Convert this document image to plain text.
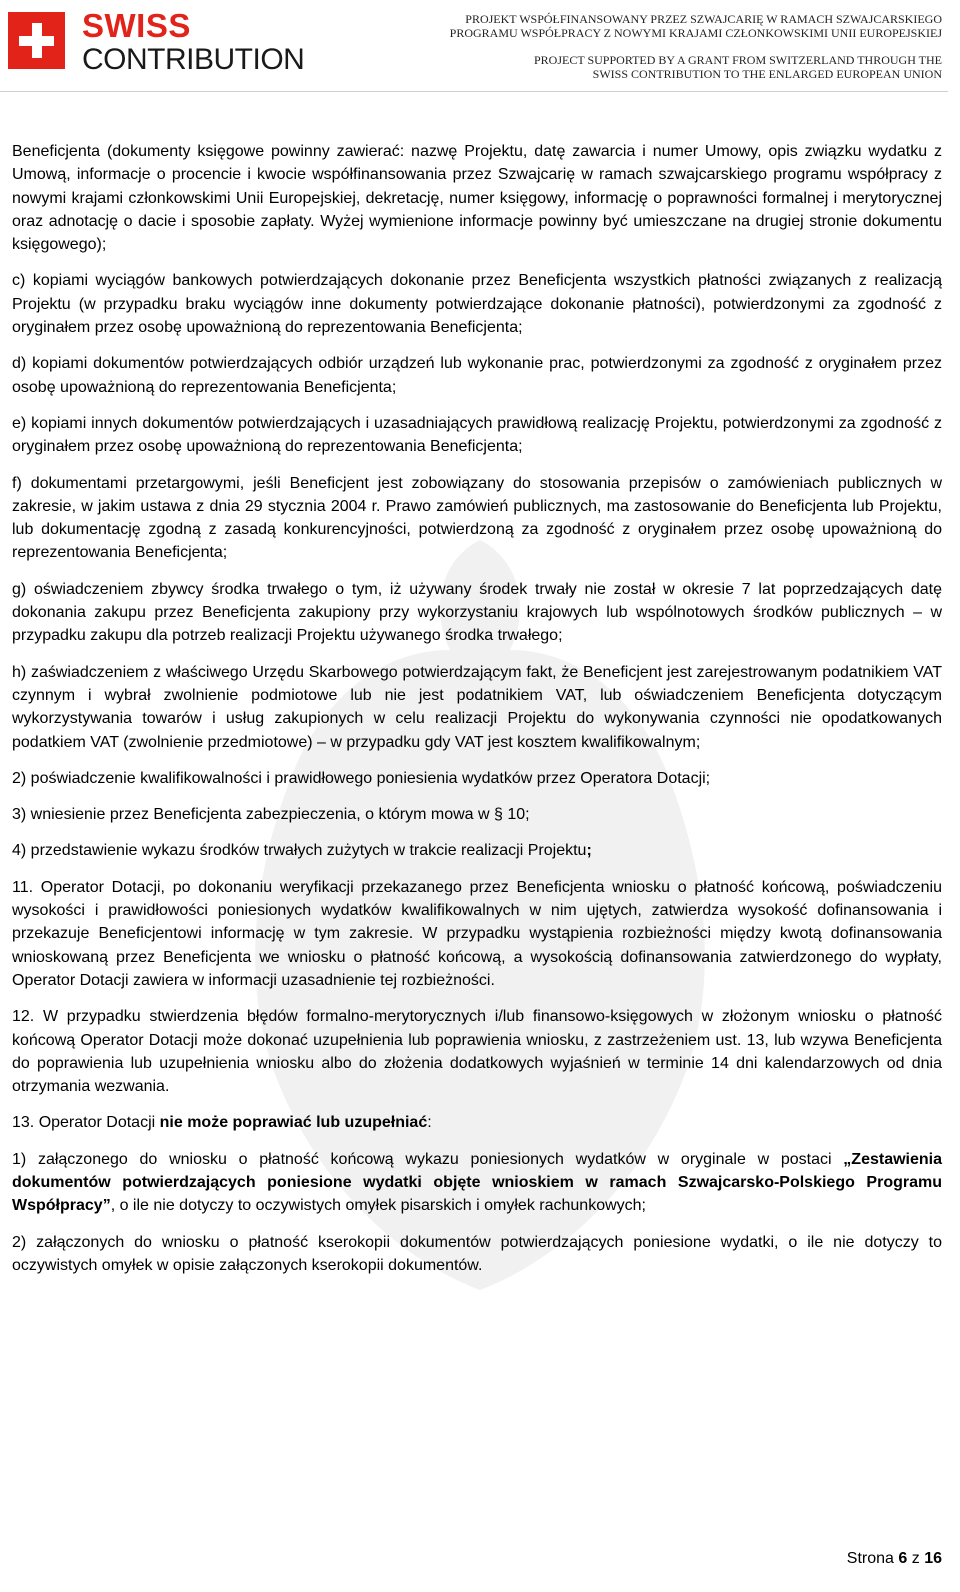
SWISS
CONTRIBUTION
PROJEKT WSPÓŁFINANSOWANY PRZEZ SZWAJCARIĘ W RAMACH SZWAJCARSKIEGO
PROGRAMU WSPÓŁPRACY Z NOWYMI KRAJAMI CZŁONKOWSKIMI UNII EUROPEJSKIEJ
PROJECT SUPPORTED BY A GRANT FROM SWITZERLAND THROUGH THE
SWISS CONTRIBUTION TO THE ENLARGED EUROPEAN UNION

Beneficjenta (dokumenty księgowe powinny zawierać: nazwę Projektu, datę zawarcia i numer Umowy, opis związku wydatku z Umową, informacje o procencie i kwocie współfinansowania przez Szwajcarię w ramach szwajcarskiego programu współpracy z nowymi krajami członkowskimi Unii Europejskiej, dekretację, numer księgowy, informację o poprawności formalnej i merytorycznej oraz adnotację o dacie i sposobie zapłaty. Wyżej wymienione informacje powinny być umieszczane na drugiej stronie dokumentu księgowego);

c) kopiami wyciągów bankowych potwierdzających dokonanie przez Beneficjenta wszystkich płatności związanych z realizacją Projektu (w przypadku braku wyciągów inne dokumenty potwierdzające dokonanie płatności), potwierdzonymi za zgodność z oryginałem przez osobę upoważnioną do reprezentowania Beneficjenta;

d) kopiami dokumentów potwierdzających odbiór urządzeń lub wykonanie prac, potwierdzonymi za zgodność z oryginałem przez osobę upoważnioną do reprezentowania Beneficjenta;

e) kopiami innych dokumentów potwierdzających i uzasadniających prawidłową realizację Projektu, potwierdzonymi za zgodność z oryginałem przez osobę upoważnioną do reprezentowania Beneficjenta;

f) dokumentami przetargowymi, jeśli Beneficjent jest zobowiązany do stosowania przepisów o zamówieniach publicznych w zakresie, w jakim ustawa z dnia 29 stycznia 2004 r. Prawo zamówień publicznych, ma zastosowanie do Beneficjenta lub Projektu, lub dokumentację zgodną z zasadą konkurencyjności, potwierdzoną za zgodność z oryginałem przez osobę upoważnioną do reprezentowania Beneficjenta;

g) oświadczeniem zbywcy środka trwałego o tym, iż używany środek trwały nie został w okresie 7 lat poprzedzających datę dokonania zakupu przez Beneficjenta zakupiony przy wykorzystaniu krajowych lub wspólnotowych środków publicznych – w przypadku zakupu dla potrzeb realizacji Projektu używanego środka trwałego;

h) zaświadczeniem z właściwego Urzędu Skarbowego potwierdzającym fakt, że Beneficjent jest zarejestrowanym podatnikiem VAT czynnym i wybrał zwolnienie podmiotowe lub nie jest podatnikiem VAT, lub oświadczeniem Beneficjenta dotyczącym wykorzystywania towarów i usług zakupionych w celu realizacji Projektu do wykonywania czynności nie opodatkowanych podatkiem VAT (zwolnienie przedmiotowe) – w przypadku gdy VAT jest kosztem kwalifikowalnym;

2) poświadczenie kwalifikowalności i prawidłowego poniesienia wydatków przez Operatora Dotacji;

3) wniesienie przez Beneficjenta zabezpieczenia, o którym mowa w § 10;

4) przedstawienie wykazu środków trwałych zużytych w trakcie realizacji Projektu;

11. Operator Dotacji, po dokonaniu weryfikacji przekazanego przez Beneficjenta wniosku o płatność końcową, poświadczeniu wysokości i prawidłowości poniesionych wydatków kwalifikowalnych w nim ujętych, zatwierdza wysokość dofinansowania i przekazuje Beneficjentowi informację w tym zakresie. W przypadku wystąpienia rozbieżności między kwotą dofinansowania wnioskowaną przez Beneficjenta we wniosku o płatność końcową, a wysokością dofinansowania zatwierdzonego do wypłaty, Operator Dotacji zawiera w informacji uzasadnienie tej rozbieżności.

12. W przypadku stwierdzenia błędów formalno-merytorycznych i/lub finansowo-księgowych w złożonym wniosku o płatność końcową Operator Dotacji może dokonać uzupełnienia lub poprawienia wniosku, z zastrzeżeniem ust. 13, lub wzywa Beneficjenta do poprawienia lub uzupełnienia wniosku albo do złożenia dodatkowych wyjaśnień w terminie 14 dni kalendarzowych od dnia otrzymania wezwania.

13. Operator Dotacji nie może poprawiać lub uzupełniać:

1) załączonego do wniosku o płatność końcową wykazu poniesionych wydatków w oryginale w postaci „Zestawienia dokumentów potwierdzających poniesione wydatki objęte wnioskiem w ramach Szwajcarsko-Polskiego Programu Współpracy”, o ile nie dotyczy to oczywistych omyłek pisarskich i omyłek rachunkowych;

2) załączonych do wniosku o płatność kserokopii dokumentów potwierdzających poniesione wydatki, o ile nie dotyczy to oczywistych omyłek w opisie załączonych kserokopii dokumentów.

Strona 6 z 16
